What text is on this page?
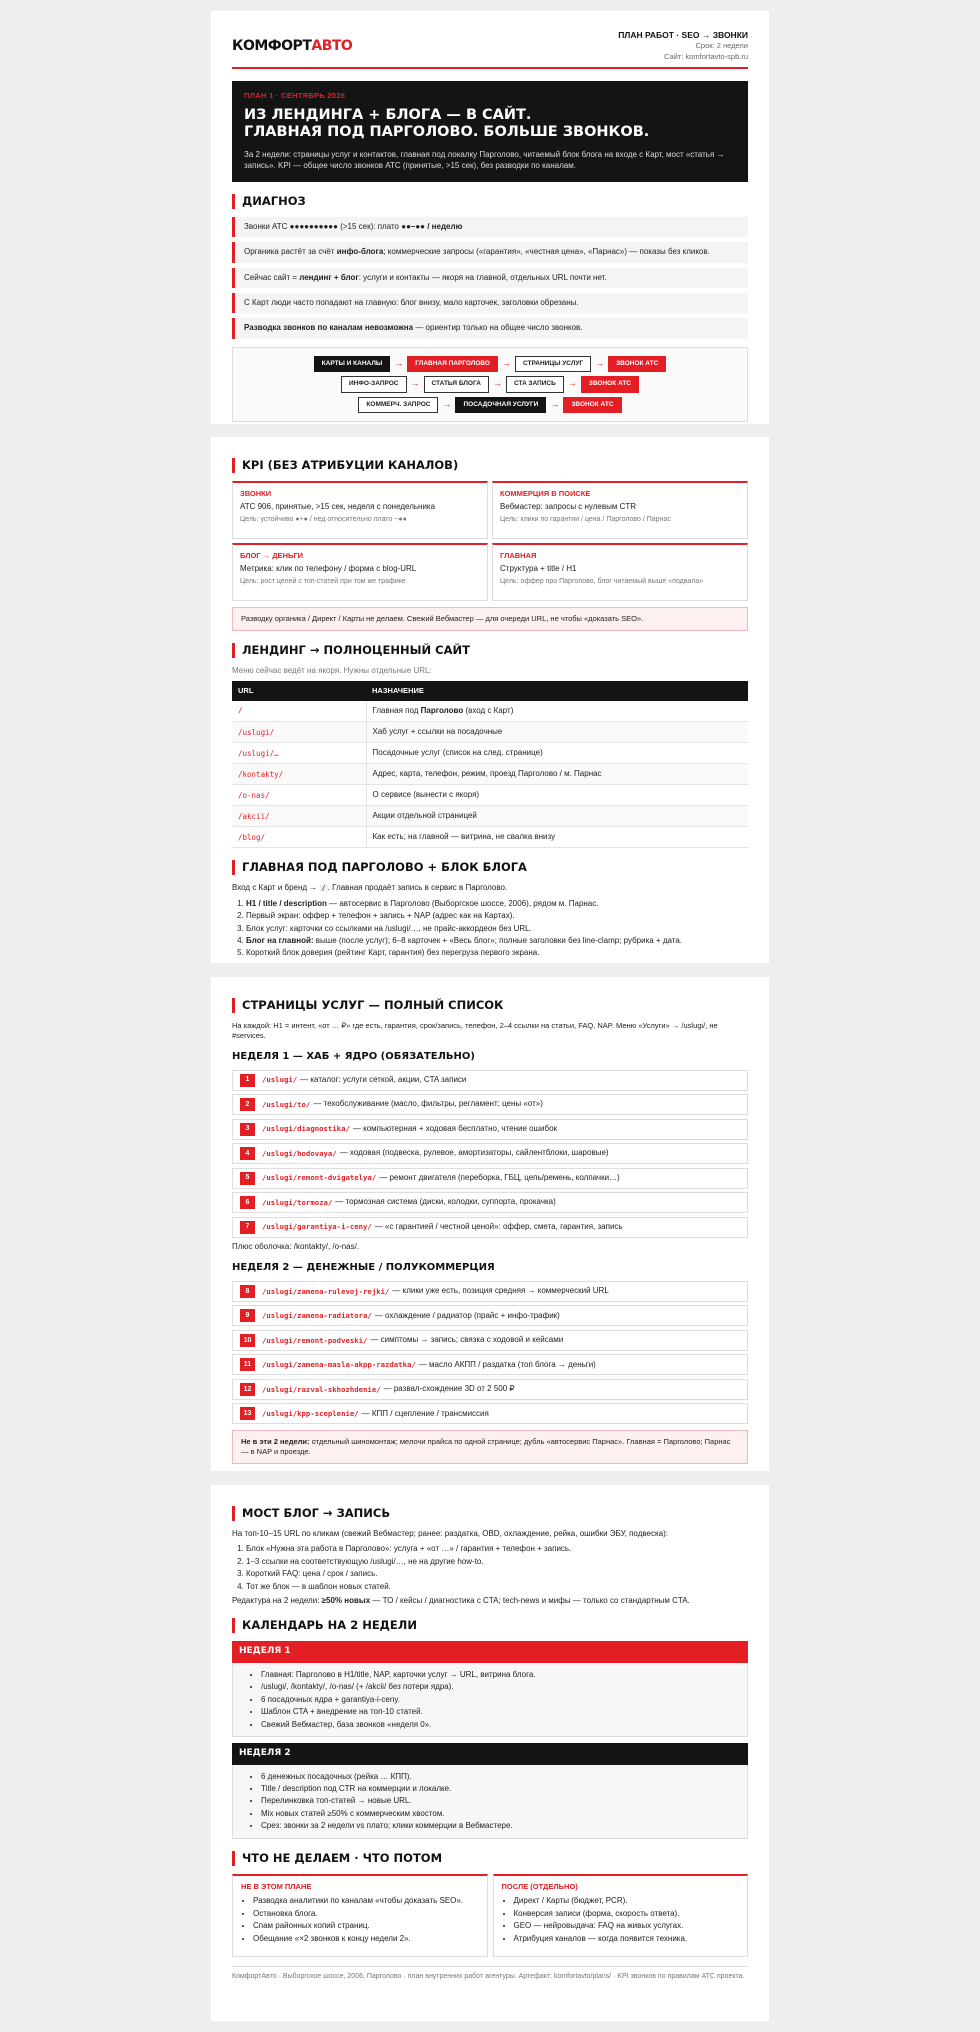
КОМФОРТАВТО
ПЛАН РАБОТ · SEO → ЗВОНКИ
Срок: 2 недели
Сайт: komfortavto-spb.ru
ПЛАН 1 · СЕНТЯБРЬ 2026
ИЗ ЛЕНДИНГА + БЛОГА — В САЙТ.
ГЛАВНАЯ ПОД ПАРГОЛОВО. БОЛЬШЕ ЗВОНКОВ.

За 2 недели: страницы услуг и контактов, главная под локалку Парголово, читаемый блок блога на входе с Карт, мост «статья → запись». KPI — общее число звонков АТС (принятые, >15 сек), без разводки по каналам.

ДИАГНОЗ
Звонки АТС ●●●●●●●●●● (>15 сек): плато ●●–●● / неделю
Органика растёт за счёт инфо-блога; коммерческие запросы («гарантия», «честная цена», «Парнас») — показы без кликов.
Сейчас сайт = лендинг + блог: услуги и контакты — якоря на главной, отдельных URL почти нет.
С Карт люди часто попадают на главную: блог внизу, мало карточек, заголовки обрезаны.
Разводка звонков по каналам невозможна — ориентир только на общее число звонков.
КАРТЫ И КАНАЛЫ	→	ГЛАВНАЯ ПАРГОЛОВО	→	СТРАНИЦЫ УСЛУГ	→	ЗВОНОК АТС
ИНФО-ЗАПРОС	→	СТАТЬЯ БЛОГА	→	CTA ЗАПИСЬ	→	ЗВОНОК АТС
КОММЕРЧ. ЗАПРОС	→	ПОСАДОЧНАЯ УСЛУГИ	→	ЗВОНОК АТС
KPI (БЕЗ АТРИБУЦИИ КАНАЛОВ)
ЗВОНКИ
АТС 906, принятые, >15 сек, неделя с понедельника
Цель: устойчиво ●+● / нед относительно плато ~●●
КОММЕРЦИЯ В ПОИСКЕ
Вебмастер: запросы с нулевым CTR
Цель: клики по гарантии / цена / Парголово / Парнас
БЛОГ → ДЕНЬГИ
Метрика: клик по телефону / форма с blog-URL
Цель: рост целей с топ-статей при том же трафике
ГЛАВНАЯ
Структура + title / H1
Цель: оффер про Парголово, блог читаемый выше «подвала»
Разводку органика / Директ / Карты не делаем. Свежий Вебмастер — для очереди URL, не чтобы «доказать SEO».
ЛЕНДИНГ → ПОЛНОЦЕННЫЙ САЙТ
Меню сейчас ведёт на якоря. Нужны отдельные URL:
URL	НАЗНАЧЕНИЕ
/	Главная под Парголово (вход с Карт)
/uslugi/	Хаб услуг + ссылки на посадочные
/uslugi/…	Посадочные услуг (список на след. странице)
/kontakty/	Адрес, карта, телефон, режим, проезд Парголово / м. Парнас
/o-nas/	О сервисе (вынести с якоря)
/akcii/	Акции отдельной страницей
/blog/	Как есть; на главной — витрина, не свалка внизу
ГЛАВНАЯ ПОД ПАРГОЛОВО + БЛОК БЛОГА
Вход с Карт и бренд → / . Главная продаёт запись в сервис в Парголово.
1. H1 / title / description — автосервис в Парголово (Выборгское шоссе, 2006), рядом м. Парнас.
2. Первый экран: оффер + телефон + запись + NAP (адрес как на Картах).
3. Блок услуг: карточки со ссылками на /uslugi/…, не прайс-аккордеон без URL.
4. Блог на главной: выше (после услуг); 6–8 карточек + «Весь блог»; полные заголовки без line-clamp; рубрика + дата.
5. Короткий блок доверия (рейтинг Карт, гарантия) без перегруза первого экрана.
СТРАНИЦЫ УСЛУГ — ПОЛНЫЙ СПИСОК
На каждой: H1 = интент, «от … ₽» где есть, гарантия, срок/запись, телефон, 2–4 ссылки на статьи, FAQ, NAP. Меню «Услуги» → /uslugi/, не #services.
НЕДЕЛЯ 1 — ХАБ + ЯДРО (ОБЯЗАТЕЛЬНО)
1	/uslugi/ — каталог: услуги сеткой, акции, CTA записи
2	/uslugi/to/ — техобслуживание (масло, фильтры, регламент; цены «от»)
3	/uslugi/diagnostika/ — компьютерная + ходовая бесплатно, чтение ошибок
4	/uslugi/hodovaya/ — ходовая (подвеска, рулевое, амортизаторы, сайлентблоки, шаровые)
5	/uslugi/remont-dvigatelya/ — ремонт двигателя (переборка, ГБЦ, цепь/ремень, колпачки…)
6	/uslugi/tormoza/ — тормозная система (диски, колодки, суппорта, прокачка)
7	/uslugi/garantiya-i-ceny/ — «с гарантией / честной ценой»: оффер, смета, гарантия, запись
Плюс оболочка: /kontakty/, /o-nas/.
НЕДЕЛЯ 2 — ДЕНЕЖНЫЕ / ПОЛУКОММЕРЦИЯ
8	/uslugi/zamena-rulevoj-rejki/ — клики уже есть, позиция средняя → коммерческий URL
9	/uslugi/zamena-radiatora/ — охлаждение / радиатор (прайс + инфо-трафик)
10	/uslugi/remont-podveski/ — симптомы → запись; связка с ходовой и кейсами
11	/uslugi/zamena-masla-akpp-razdatka/ — масло АКПП / раздатка (топ блога → деньги)
12	/uslugi/razval-skhozhdenie/ — развал-схождение 3D от 2 500 ₽
13	/uslugi/kpp-sceplenie/ — КПП / сцепление / трансмиссия
Не в эти 2 недели: отдельный шиномонтаж; мелочи прайса по одной странице; дубль «автосервис Парнас». Главная = Парголово; Парнас — в NAP и проезде.
МОСТ БЛОГ → ЗАПИСЬ
На топ-10–15 URL по кликам (свежий Вебмастер; ранее: раздатка, OBD, охлаждение, рейка, ошибки ЭБУ, подвеска):
1. Блок «Нужна эта работа в Парголово»: услуга + «от …» / гарантия + телефон + запись.
2. 1–3 ссылки на соответствующую /uslugi/…, не на другие how-to.
3. Короткий FAQ: цена / срок / запись.
4. Тот же блок — в шаблон новых статей.
Редактура на 2 недели: ≥50% новых — ТО / кейсы / диагностика с CTA; tech-news и мифы — только со стандартным CTA.
КАЛЕНДАРЬ НА 2 НЕДЕЛИ
НЕДЕЛЯ 1
• Главная: Парголово в H1/title, NAP, карточки услуг → URL, витрина блога.
• /uslugi/, /kontakty/, /o-nas/ (+ /akcii/ без потери ядра).
• 6 посадочных ядра + garantiya-i-ceny.
• Шаблон CTA + внедрение на топ-10 статей.
• Свежий Вебмастер, база звонков «неделя 0».
НЕДЕЛЯ 2
• 6 денежных посадочных (рейка … КПП).
• Title / description под CTR на коммерции и локалке.
• Перелинковка топ-статей → новые URL.
• Mix новых статей ≥50% с коммерческим хвостом.
• Срез: звонки за 2 недели vs плато; клики коммерции в Вебмастере.
ЧТО НЕ ДЕЛАЕМ · ЧТО ПОТОМ
НЕ В ЭТОМ ПЛАНЕ
• Разводка аналитики по каналам «чтобы доказать SEO».
• Остановка блога.
• Спам районных копий страниц.
• Обещание «×2 звонков к концу недели 2».
ПОСЛЕ (ОТДЕЛЬНО)
• Директ / Карты (бюджет, PCR).
• Конверсия записи (форма, скорость ответа).
• GEO — нейровыдача: FAQ на живых услугах.
• Атрибуция каналов — когда появится техника.
КомфортАвто · Выборгское шоссе, 2006, Парголово · план внутренних работ агентуры. Артефакт: komfortavto/plans/ · KPI звонков по правилам АТС проекта.
